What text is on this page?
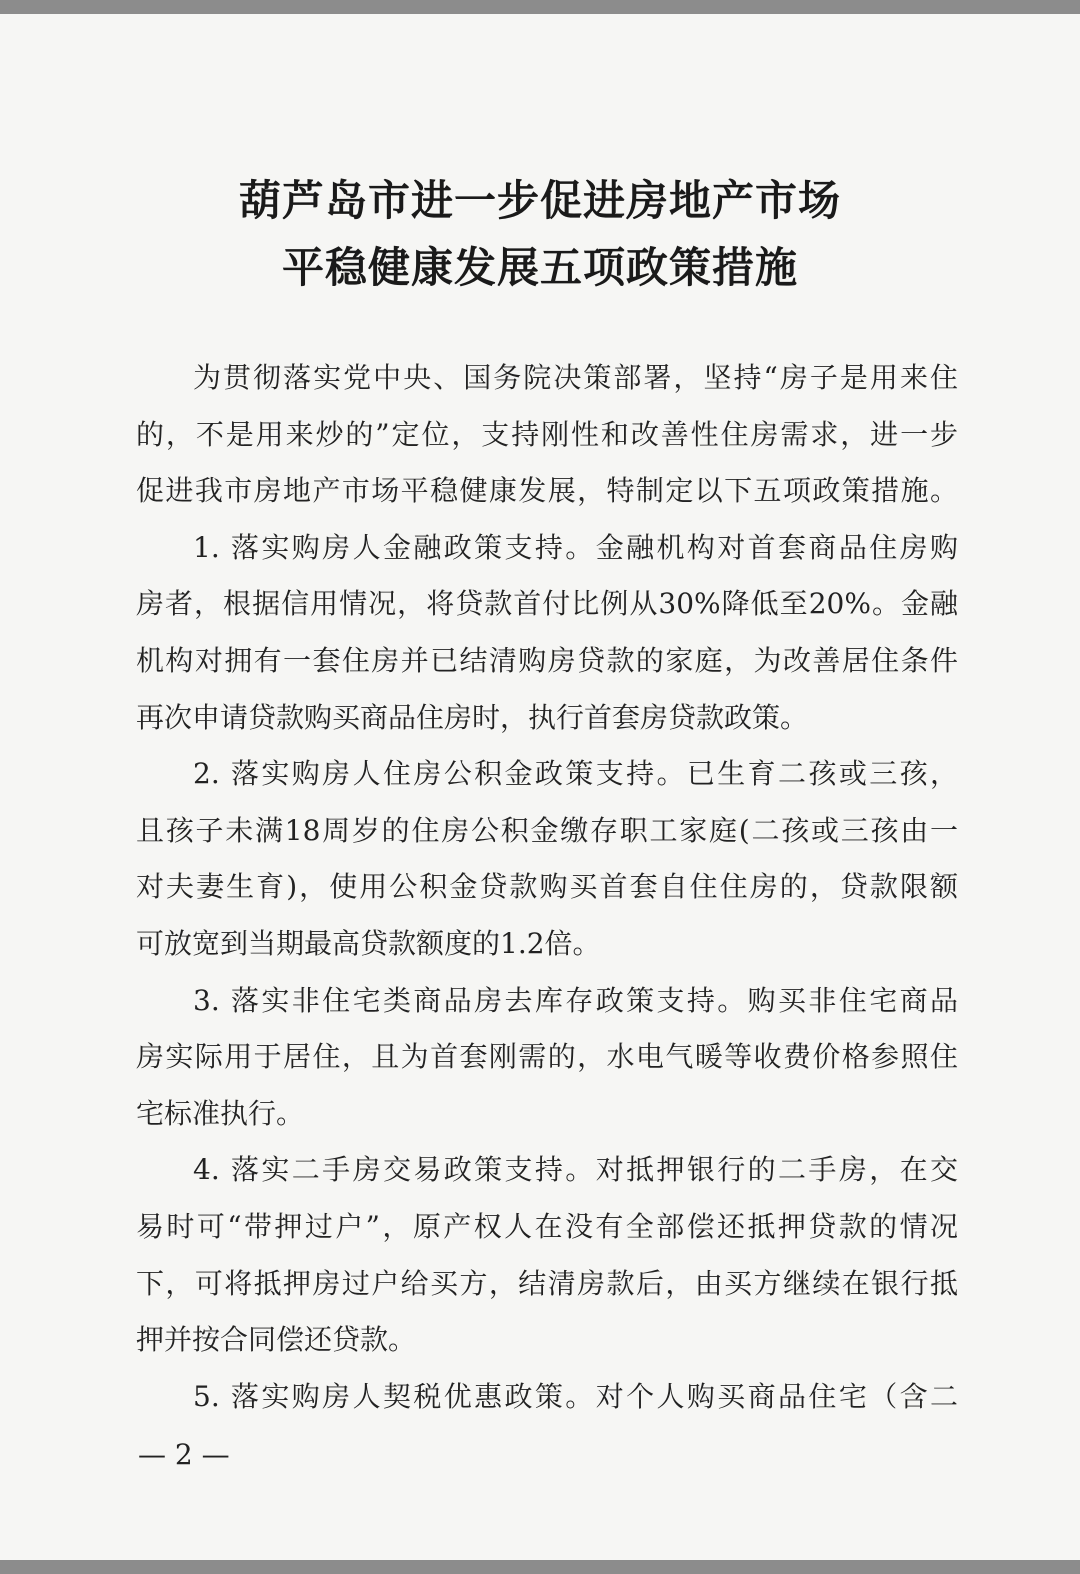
葫芦岛市进一步促进房地产市场
平稳健康发展五项政策措施
为贯彻落实党中央、国务院决策部署，坚持“房子是用来住
的，不是用来炒的”定位，支持刚性和改善性住房需求，进一步
促进我市房地产市场平稳健康发展，特制定以下五项政策措施。
1. 落实购房人金融政策支持。金融机构对首套商品住房购
房者，根据信用情况，将贷款首付比例从30%降低至20%。金融
机构对拥有一套住房并已结清购房贷款的家庭，为改善居住条件
再次申请贷款购买商品住房时，执行首套房贷款政策。
2. 落实购房人住房公积金政策支持。已生育二孩或三孩，
且孩子未满18周岁的住房公积金缴存职工家庭(二孩或三孩由一
对夫妻生育)，使用公积金贷款购买首套自住住房的，贷款限额
可放宽到当期最高贷款额度的1.2倍。
3. 落实非住宅类商品房去库存政策支持。购买非住宅商品
房实际用于居住，且为首套刚需的，水电气暖等收费价格参照住
宅标准执行。
4. 落实二手房交易政策支持。对抵押银行的二手房，在交
易时可“带押过户”，原产权人在没有全部偿还抵押贷款的情况
下，可将抵押房过户给买方，结清房款后，由买方继续在银行抵
押并按合同偿还贷款。
5. 落实购房人契税优惠政策。对个人购买商品住宅（含二
— 2 —
